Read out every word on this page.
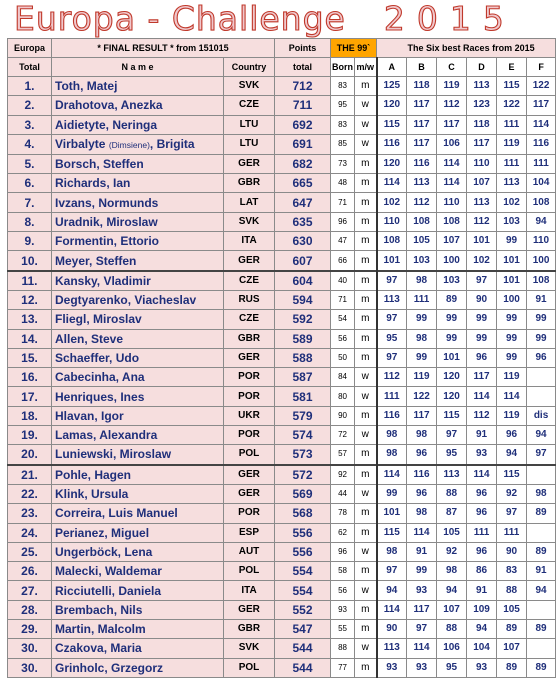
Europa - Challenge 2015
Europa	* FINAL RESULT * from 151015		Points	THE 99`		The Six best Races from 2015					
Total	N a m e	Country	total	Born	m/w	A	B	C	D	E	F
1.	Toth, Matej	SVK	712	83	m	125	118	119	113	115	122
2.	Drahotova, Anezka	CZE	711	95	w	120	117	112	123	122	117
3.	Aidietyte, Neringa	LTU	692	83	w	115	117	117	118	111	114
4.	Virbalyte (Dimsiene), Brigita	LTU	691	85	w	116	117	106	117	119	116
5.	Borsch, Steffen	GER	682	73	m	120	116	114	110	111	111
6.	Richards, Ian	GBR	665	48	m	114	113	114	107	113	104
7.	Ivzans, Normunds	LAT	647	71	m	102	112	110	113	102	108
8.	Uradnik, Miroslaw	SVK	635	96	m	110	108	108	112	103	94
9.	Formentin, Ettorio	ITA	630	47	m	108	105	107	101	99	110
10.	Meyer, Steffen	GER	607	66	m	101	103	100	102	101	100
11.	Kansky, Vladimir	CZE	604	40	m	97	98	103	97	101	108
12.	Degtyarenko, Viacheslav	RUS	594	71	m	113	111	89	90	100	91
13.	Fliegl, Miroslav	CZE	592	54	m	97	99	99	99	99	99
14.	Allen, Steve	GBR	589	56	m	95	98	99	99	99	99
15.	Schaeffer, Udo	GER	588	50	m	97	99	101	96	99	96
16.	Cabecinha, Ana	POR	587	84	w	112	119	120	117	119	
17.	Henriques, Ines	POR	581	80	w	111	122	120	114	114	
18.	Hlavan, Igor	UKR	579	90	m	116	117	115	112	119	dis
19.	Lamas, Alexandra	POR	574	72	w	98	98	97	91	96	94
20.	Luniewski, Miroslaw	POL	573	57	m	98	96	95	93	94	97
21.	Pohle, Hagen	GER	572	92	m	114	116	113	114	115	
22.	Klink, Ursula	GER	569	44	w	99	96	88	96	92	98
23.	Correira, Luis Manuel	POR	568	78	m	101	98	87	96	97	89
24.	Perianez, Miguel	ESP	556	62	m	115	114	105	111	111	
25.	Ungerböck, Lena	AUT	556	96	w	98	91	92	96	90	89
26.	Malecki, Waldemar	POL	554	58	m	97	99	98	86	83	91
27.	Ricciutelli, Daniela	ITA	554	56	w	94	93	94	91	88	94
28.	Brembach, Nils	GER	552	93	m	114	117	107	109	105	
29.	Martin, Malcolm	GBR	547	55	m	90	97	88	94	89	89
30.	Czakova, Maria	SVK	544	88	w	113	114	106	104	107	
30.	Grinholc, Grzegorz	POL	544	77	m	93	93	95	93	89	89
